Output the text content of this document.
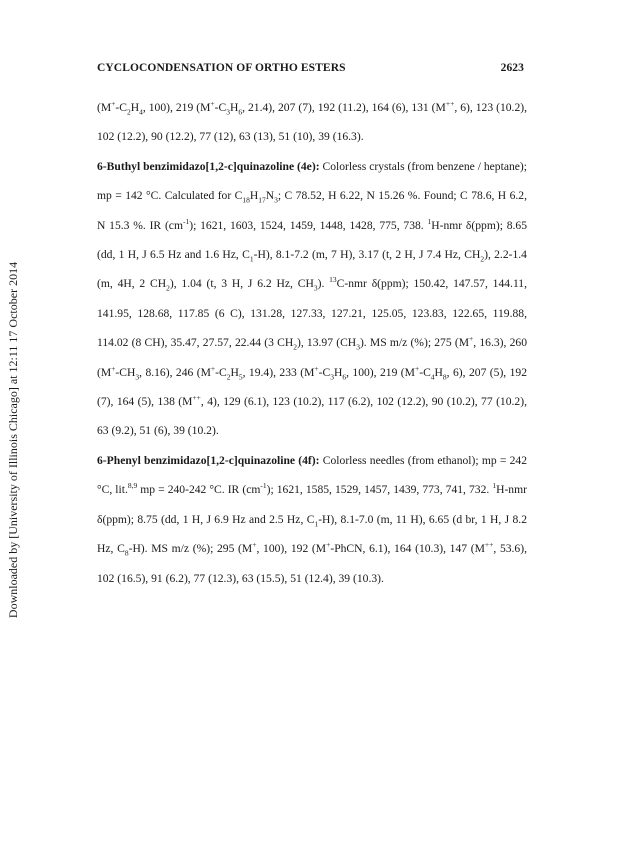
CYCLOCONDENSATION OF ORTHO ESTERS	2623
Downloaded by [University of Illinois Chicago] at 12:11 17 October 2014

($M^+-C_2H_4$, 100), 219 ($M^+-C_3H_6$, 21.4), 207 (7), 192 (11.2), 164 (6), 131 (M++, 6), 123 (10.2), 102 (12.2), 90 (12.2), 77 (12), 63 (13), 51 (10), 39 (16.3).

6-Buthyl benzimidazo[1,2-c]quinazoline (4e): Colorless crystals (from benzene / heptane); mp = 142 °C. Calculated for $C_{18}H_{17}N_3$; C 78.52, H 6.22, N 15.26 %. Found; C 78.6, H 6.2, N 15.3 %. IR $(cm^{-1})$; 1621, 1603, 1524, 1459, 1448, 1428, 775, 738. $^1$H-nmr δ(ppm); 8.65 (dd, 1 H, J 6.5 Hz and 1.6 Hz, $C_1-H$), 8.1-7.2 (m, 7 H), 3.17 (t, 2 H, J 7.4 Hz, $CH_2$), 2.2-1.4 (m, 4H, 2 $CH_2$), 1.04 (t, 3 H, J 6.2 Hz, $CH_3$). $^{13}$C-nmr δ(ppm); 150.42, 147.57, 144.11, 141.95, 128.68, 117.85 (6 C), 131.28, 127.33, 127.21, 125.05, 123.83, 122.65, 119.88, 114.02 (8 CH), 35.47, 27.57, 22.44 (3 $CH_2$), 13.97 $(CH_3)$. MS m/z (%); 275 (M+, 16.3), 260 ($M^+-CH_3$, 8.16), 246 ($M^+-C_2H_5$, 19.4), 233 ($M^+-C_3H_6$, 100), 219 ($M^+-C_4H_8$, 6), 207 (5), 192 (7), 164 (5), 138 (M++, 4), 129 (6.1), 123 (10.2), 117 (6.2), 102 (12.2), 90 (10.2), 77 (10.2), 63 (9.2), 51 (6), 39 (10.2).

6-Phenyl benzimidazo[1,2-c]quinazoline (4f): Colorless needles (from ethanol); mp = 242 °C, lit.$^{8,9}$ mp = 240-242 °C. IR $(cm^{-1})$; 1621, 1585, 1529, 1457, 1439, 773, 741, 732. $^1$H-nmr δ(ppm); 8.75 (dd, 1 H, J 6.9 Hz and 2.5 Hz, $C_1-H$), 8.1-7.0 (m, 11 H), 6.65 (d br, 1 H, J 8.2 Hz, $C_8-H$). MS m/z (%); 295 (M+, 100), 192 (M+-PhCN, 6.1), 164 (10.3), 147 (M++, 53.6), 102 (16.5), 91 (6.2), 77 (12.3), 63 (15.5), 51 (12.4), 39 (10.3).
